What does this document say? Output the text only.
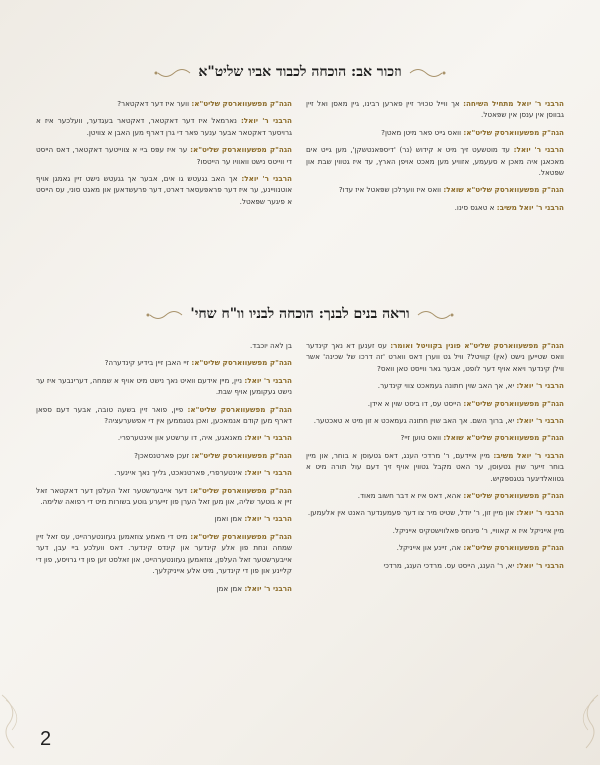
וזכור אב: הוכחה לכבוד אביו שליט"א

הרבני ר' יואל מתחיל השיחה: אך ווייל טכויר זיין פארען רבינו, גיין מאסן ואל זיין גבווסן אין ענסן אין שפּאטל.

הגה"ק מפשעווארסק שליט"א: וואס גייט פאר מיטן מאטן?

הרבני ר' יואל: עד מוטשעט זיך מיט א קידוש (נר) 'דיספּאנטשקן', מען גייט אים מאכאגן איה מאכן א סעעמע, אזוויע מען מאכט אויפן הארץ, עד איז גטווין שבת און שפּטאל.

הגה"ק מפשעווארסק שליט"א שואל: וואס איז ווערלכן שפּאטל איז עדו?

הרבני ר' יואל משיב: א טאגס סינו.

הגה"ק מפשעווארסק שליט"א: ווער איז דער דאקטאר?

הרבני ר' יואל: נארמאל איז דער דאקטאר, דאקטאר בעגדער, וועלכער איז א גרויסער דאקטאר אבער ענער פאר די גרן דארף מען האבן א צוויטן.

הגה"ק מפשעווארסק שליט"א: ער איז עפּס ביי א צווייטער דאקטאר, דאס הייסט די ווייטס נישט וואוויו ער הייטסו?

הרבני ר' יואל: אך האב גגעטש גו אים, אבער אך גגעטש נישט זיין גאמגן אויף אוטנוויינע, ער איז דער פראפּעסאר דארט, דער פרעשדאען און מאגט סוני, עס הייסט א פיגער שפּאטל.

וראה בנים לבנך: הוכחה לבניו וו"ח שחי'

הגה"ק מפשעווארסק שליט"א פונין בקוויטל ואומר: עס זענען דא נאך קינדער וואס שטייען נישט (אין) קוויטל? וויל גט ווערן דאס ווארט 'זה דרכו של שכינה' אשר ווילן קינדער ויאא אויף דער לופט, אבער גאר ווייסט טאן וואס?

הרבני ר' יואל: יא, אך האב שוין חתונה געמאכט צווי קינדער.

הגה"ק מפשעווארסק שליט"א: הייסט עס, דו ביסט שוין א אידן.

הרבני ר' יואל: יא, ברוך השם. אך האב שוין חתונה געמאכט א זון מיט א טאכטער.

הגה"ק מפשעווארסק שליט"א שואל: וואס טוען זיי?

הרבני ר' יואל משיב: מיין איידעם, ר' מרדכי הענג, דאס גטעוסן א בוחר, און מיין בוחר זייער שוין גטעוסן, ער האט מקבל גטווין אויף זיך דעם עול תורה מיט א גטוואלדיגער גטגספּקיש.

הגה"ק מפשעווארסק שליט"א: אהא, דאס איז א דבר חשוב מאוד.

הרבני ר' יואל: און מיין זון, ר' יודל, שטיט מיר צו דער פעמענדער האנט אין אלעמען.

מיין אייניקל איז א קאוויי, ר' פינחס פּאלווישטקיס אייניקל.

הגה"ק מפשעווארסק שליט"א: אה, זיינע און אייניקל.

הרבני ר' יואל: יא, ר' הענג, הייסט עס. מרדכי הענג, מרדכי

בן לאה יוכבד.

הגה"ק מפשעווארסק שליט"א: זיי האבן זיין בידיע קינדערה?

הרבני ר' יואל: ניין, מיין אידעם וואיט נאך נישט מיט אויף א שמחה, דערינבער איז ער נישט געקומען אויף שבת.

הגה"ק מפשעווארסק שליט"א: פיין, פואר זיין בשעה טובה, אבער דעם ספאן דארף מען קודם אנמאכען, ואכן גטגממען אין די אפשערעציה?

הרבני ר' יואל: מאנאגע, איה, דו ערשטע און אינטערפרי.

הגה"ק מפשעווארסק שליט"א: זעכן פּארטנסאכן?

הרבני ר' יואל: אינטערפרי, פּארטנאכט, גלייך נאך איינער.

הגה"ק מפשעווארסק שליט"א: דער אייבערשטער זאל העלפן דער דאקטאר זאל זיין א גוטער שליה, און מען זאל הערן פון זייערע גוטע בשורות מיט די רפואה שלימה.

הרבני ר' יואל: אמן ואמן

הגה"ק מפשעווארסק שליט"א: מיט די מאמע צוזאמען געזונטערהייט, עס זאל זיין שמחה ונחת פון אלע קינדער און קינדס קינדער. דאס וועלכע ביי עבן, דער אייבערשטער זאל העלפן, צוזאמען געזונטערהייט, און זאלסט זען פון די גרויסע, פון די קליינע און פון די קינדער, מיט אלע אייניקלעך.

הרבני ר' יואל: אמן אמן

2
